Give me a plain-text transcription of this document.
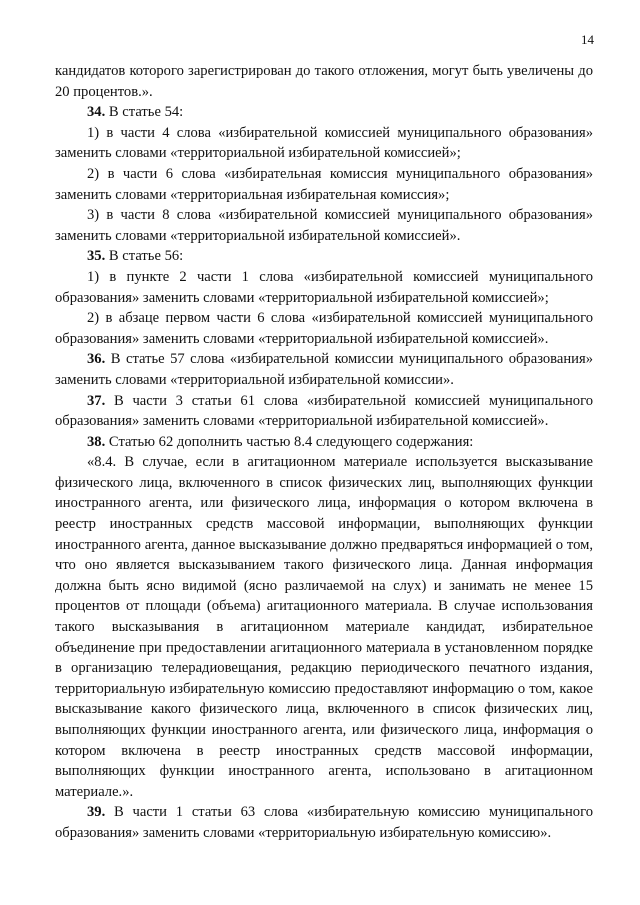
14

кандидатов которого зарегистрирован до такого отложения, могут быть увеличены до 20 процентов.».

34. В статье 54:

1) в части 4 слова «избирательной комиссией муниципального образования» заменить словами «территориальной избирательной комиссией»;

2) в части 6 слова «избирательная комиссия муниципального образования» заменить словами «территориальная избирательная комиссия»;

3) в части 8 слова «избирательной комиссией муниципального образования» заменить словами «территориальной избирательной комиссией».

35. В статье 56:

1) в пункте 2 части 1 слова «избирательной комиссией муниципального образования» заменить словами «территориальной избирательной комиссией»;

2) в абзаце первом части 6 слова «избирательной комиссией муниципального образования» заменить словами «территориальной избирательной комиссией».

36. В статье 57 слова «избирательной комиссии муниципального образования» заменить словами «территориальной избирательной комиссии».

37. В части 3 статьи 61 слова «избирательной комиссией муниципального образования» заменить словами «территориальной избирательной комиссией».

38. Статью 62 дополнить частью 8.4 следующего содержания:

«8.4. В случае, если в агитационном материале используется высказывание физического лица, включенного в список физических лиц, выполняющих функции иностранного агента, или физического лица, информация о котором включена в реестр иностранных средств массовой информации, выполняющих функции иностранного агента, данное высказывание должно предваряться информацией о том, что оно является высказыванием такого физического лица. Данная информация должна быть ясно видимой (ясно различаемой на слух) и занимать не менее 15 процентов от площади (объема) агитационного материала. В случае использования такого высказывания в агитационном материале кандидат, избирательное объединение при предоставлении агитационного материала в установленном порядке в организацию телерадиовещания, редакцию периодического печатного издания, территориальную избирательную комиссию предоставляют информацию о том, какое высказывание какого физического лица, включенного в список физических лиц, выполняющих функции иностранного агента, или физического лица, информация о котором включена в реестр иностранных средств массовой информации, выполняющих функции иностранного агента, использовано в агитационном материале.».

39. В части 1 статьи 63 слова «избирательную комиссию муниципального образования» заменить словами «территориальную избирательную комиссию».
